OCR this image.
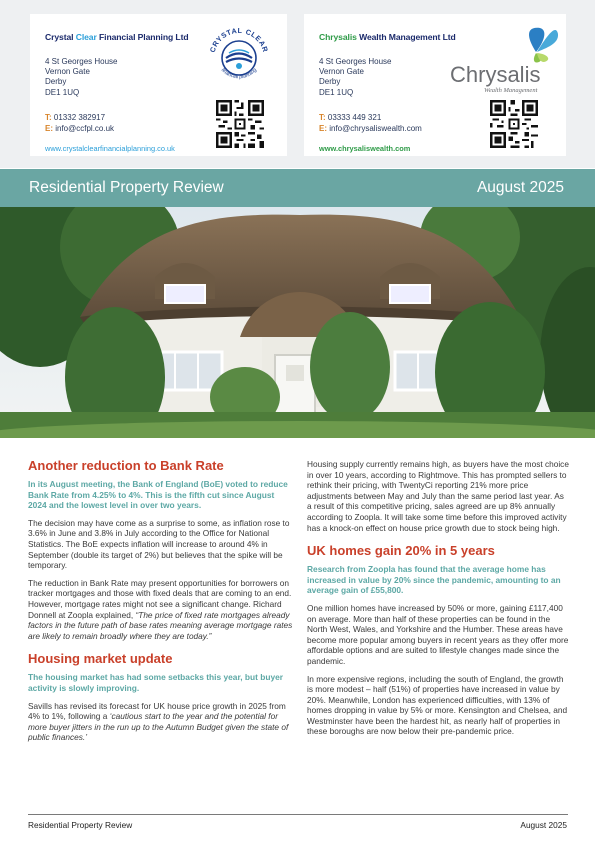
Crystal Clear Financial Planning Ltd
4 St Georges House
Vernon Gate
Derby
DE1 1UQ
T: 01332 382917
E: info@ccfpl.co.uk
www.crystalclearfinancialplanning.co.uk
CRYSTAL CLEAR
financial planning
Chrysalis Wealth Management Ltd
4 St Georges House
Vernon Gate
Derby
DE1 1UQ
T: 03333 449 321
E: info@chrysaliswealth.com
www.chrysaliswealth.com
Chrysalis
Wealth Management
Residential Property Review	August 2025
Another reduction to Bank Rate
In its August meeting, the Bank of England (BoE) voted to reduce Bank Rate from 4.25% to 4%. This is the fifth cut since August 2024 and the lowest level in over two years.

The decision may have come as a surprise to some, as inflation rose to 3.6% in June and 3.8% in July according to the Office for National Statistics. The BoE expects inflation will increase to around 4% in September (double its target of 2%) but believes that the spike will be temporary.

The reduction in Bank Rate may present opportunities for borrowers on tracker mortgages and those with fixed deals that are coming to an end. However, mortgage rates might not see a significant change. Richard Donnell at Zoopla explained, “The price of fixed rate mortgages already factors in the future path of base rates meaning average mortgage rates are likely to remain broadly where they are today.”

Housing market update
The housing market has had some setbacks this year, but buyer activity is slowly improving.

Savills has revised its forecast for UK house price growth in 2025 from 4% to 1%, following a ‘cautious start to the year and the potential for more buyer jitters in the run up to the Autumn Budget given the state of public finances.’

Housing supply currently remains high, as buyers have the most choice in over 10 years, according to Rightmove. This has prompted sellers to rethink their pricing, with TwentyCi reporting 21% more price adjustments between May and July than the same period last year. As a result of this competitive pricing, sales agreed are up 8% annually according to Zoopla. It will take some time before this improved activity has a knock-on effect on house price growth due to stock being high.

UK homes gain 20% in 5 years
Research from Zoopla has found that the average home has increased in value by 20% since the pandemic, amounting to an average gain of £55,800.

One million homes have increased by 50% or more, gaining £117,400 on average. More than half of these properties can be found in the North West, Wales, and Yorkshire and the Humber. These areas have become more popular among buyers in recent years as they offer more affordable options and are suited to lifestyle changes made since the pandemic.

In more expensive regions, including the south of England, the growth is more modest – half (51%) of properties have increased in value by 20%. Meanwhile, London has experienced difficulties, with 13% of homes dropping in value by 5% or more. Kensington and Chelsea, and Westminster have been the hardest hit, as nearly half of properties in these boroughs are now below their pre-pandemic price.

Residential Property Review	August 2025
